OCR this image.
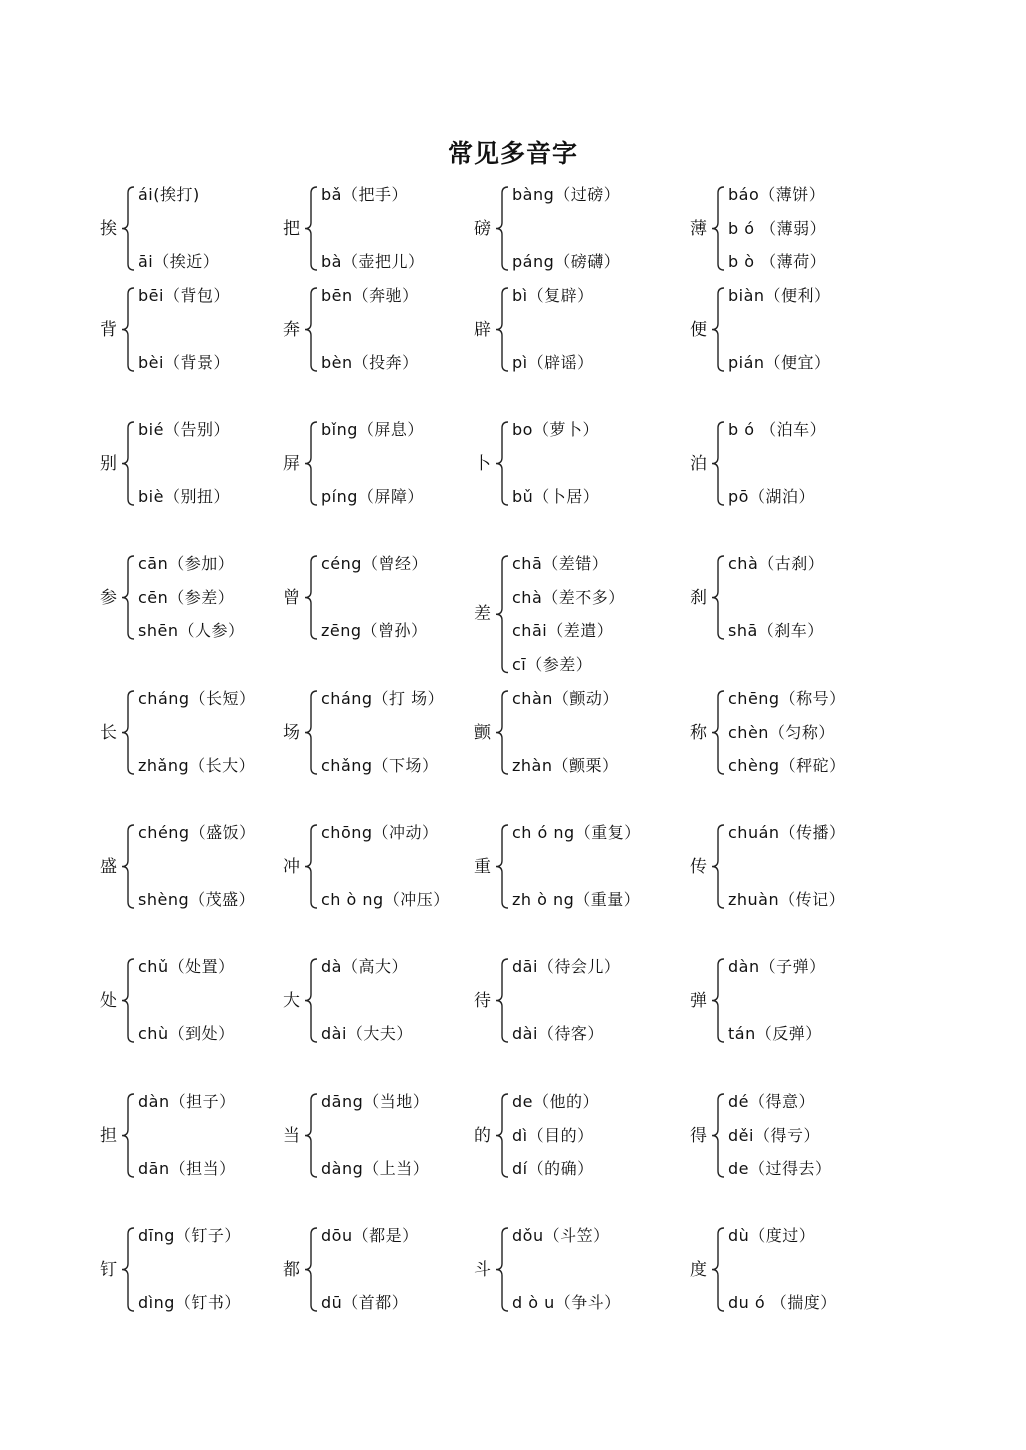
常见多音字
挨
ái(挨打)
āi（挨近）
把
bǎ（把手）
bà（壶把儿）
磅
bàng（过磅）
páng（磅礴）
薄
báo（薄饼）
b ó （薄弱）
b ò （薄荷）
背
bēi（背包）
bèi（背景）
奔
bēn（奔驰）
bèn（投奔）
辟
bì（复辟）
pì（辟谣）
便
biàn（便利）
pián（便宜）
别
bié（告别）
biè（别扭）
屏
bǐng（屏息）
píng（屏障）
卜
bo（萝卜）
bǔ（卜居）
泊
b ó （泊车）
pō（湖泊）
参
cān（参加）
cēn（参差）
shēn（人参）
曾
céng（曾经）
zēng（曾孙）
差
chā（差错）
chà（差不多）
chāi（差遣）
cī（参差）
刹
chà（古刹）
shā（刹车）
长
cháng（长短）
zhǎng（长大）
场
cháng（打 场）
chǎng（下场）
颤
chàn（颤动）
zhàn（颤栗）
称
chēng（称号）
chèn（匀称）
chèng（秤砣）
盛
chéng（盛饭）
shèng（茂盛）
冲
chōng（冲动）
ch ò ng（冲压）
重
ch ó ng（重复）
zh ò ng（重量）
传
chuán（传播）
zhuàn（传记）
处
chǔ（处置）
chù（到处）
大
dà（高大）
dài（大夫）
待
dāi（待会儿）
dài（待客）
弹
dàn（子弹）
tán（反弹）
担
dàn（担子）
dān（担当）
当
dāng（当地）
dàng（上当）
的
de（他的）
dì（目的）
dí（的确）
得
dé（得意）
děi（得亏）
de（过得去）
钉
dīng（钉子）
dìng（钉书）
都
dōu（都是）
dū（首都）
斗
dǒu（斗笠）
d ò u（争斗）
度
dù（度过）
du ó （揣度）
